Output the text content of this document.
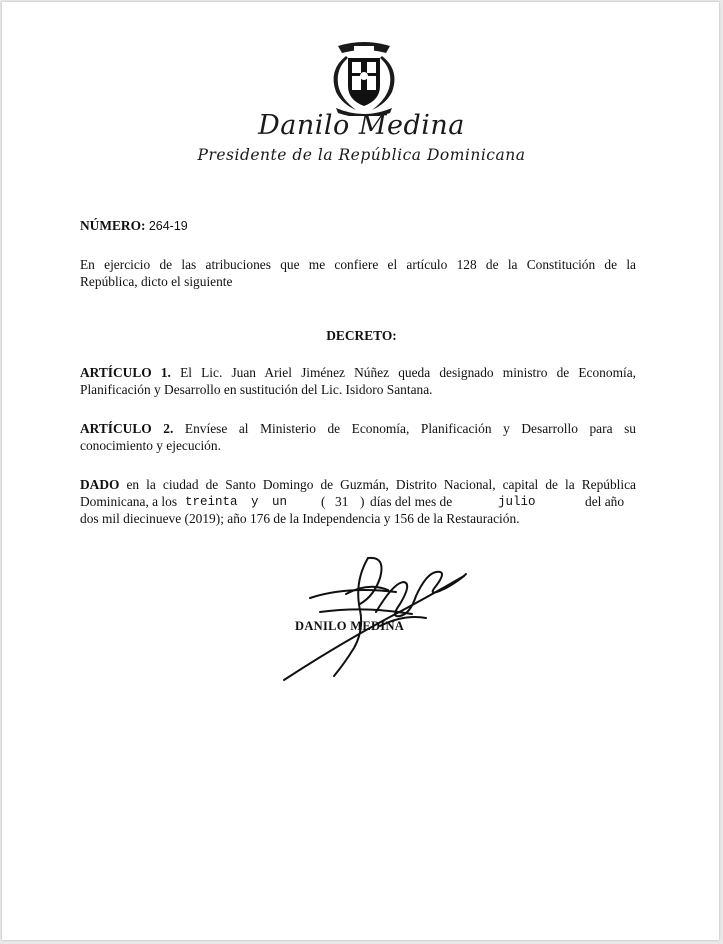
Danilo Medina
Presidente de la República Dominicana
NÚMERO: 264-19
En ejercicio de las atribuciones que me confiere el artículo 128 de la Constitución de la
República, dicto el siguiente
DECRETO:
ARTÍCULO 1. El Lic. Juan Ariel Jiménez Núñez queda designado ministro de Economía,
Planificación y Desarrollo en sustitución del Lic. Isidoro Santana.
ARTÍCULO 2. Envíese al Ministerio de Economía, Planificación y Desarrollo para su
conocimiento y ejecución.
DADO en la ciudad de Santo Domingo de Guzmán, Distrito Nacional, capital de la República
Dominicana, a los treinta y un	( 31 ) días del mes de	julio	del año
dos mil diecinueve (2019); año 176 de la Independencia y 156 de la Restauración.
DANILO MEDINA
